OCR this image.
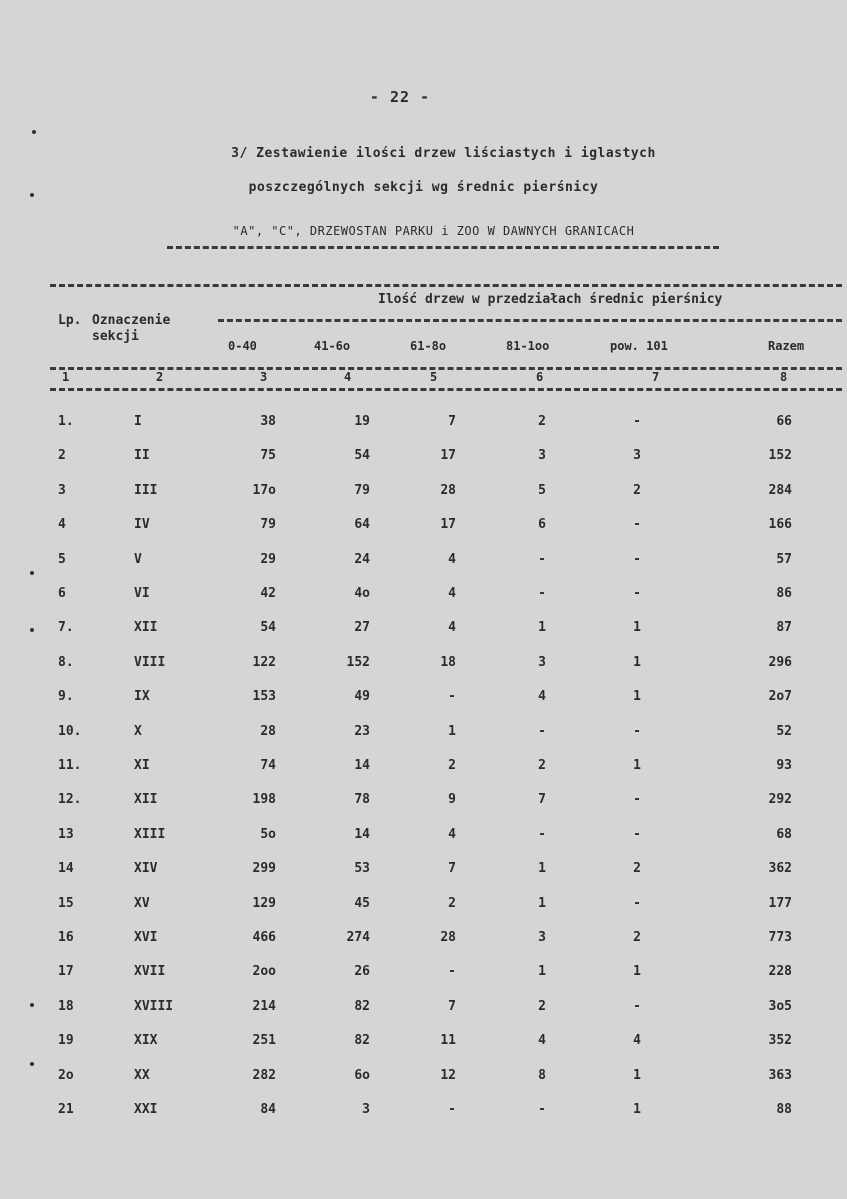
- 22 -
3/ Zestawienie ilości drzew liściastych i iglastych
poszczególnych sekcji wg średnic pierśnicy
"A", "C", DRZEWOSTAN PARKU i ZOO W DAWNYCH GRANICACH
Ilość drzew w przedziałach średnic pierśnicy
Lp. Oznaczenie
sekcji
0-40	41-6o	61-8o	81-1oo	pow. 101	Razem
1	2	3	4	5	6	7	8
1.	I	38	19	7	2	-	66
2	II	75	54	17	3	3	152
3	III	17o	79	28	5	2	284
4	IV	79	64	17	6	-	166
5	V	29	24	4	-	-	57
6	VI	42	4o	4	-	-	86
7.	XII	54	27	4	1	1	87
8.	VIII	122	152	18	3	1	296
9.	IX	153	49	-	4	1	2o7
10.	X	28	23	1	-	-	52
11.	XI	74	14	2	2	1	93
12.	XII	198	78	9	7	-	292
13	XIII	5o	14	4	-	-	68
14	XIV	299	53	7	1	2	362
15	XV	129	45	2	1	-	177
16	XVI	466	274	28	3	2	773
17	XVII	2oo	26	-	1	1	228
18	XVIII	214	82	7	2	-	3o5
19	XIX	251	82	11	4	4	352
2o	XX	282	6o	12	8	1	363
21	XXI	84	3	-	-	1	88
